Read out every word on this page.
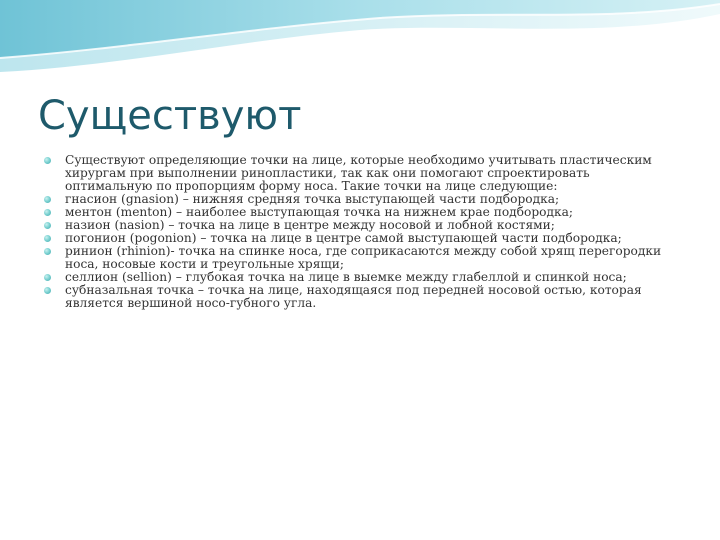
Существуют
Существуют определяющие точки на лице, которые необходимо учитывать пластическим хирургам при выполнении ринопластики, так как они помогают спроектировать оптимальную по пропорциям форму носа. Такие точки на лице следующие:
гнасион (gnasion) – нижняя средняя точка выступающей части подбородка;
ментон (menton) – наиболее выступающая точка на нижнем крае подбородка;
назион (nasion) – точка на лице в центре между носовой и лобной костями;
погонион (pogonion) – точка на лице в центре самой выступающей части подбородка;
ринион (rhinion)- точка на спинке носа, где соприкасаются между собой хрящ перегородки носа, носовые кости и треугольные хрящи;
селлион (sellion) – глубокая точка на лице в выемке между глабеллой и спинкой носа;
субназальная точка – точка на лице, находящаяся под передней носовой остью, которая является вершиной носо-губного угла.
